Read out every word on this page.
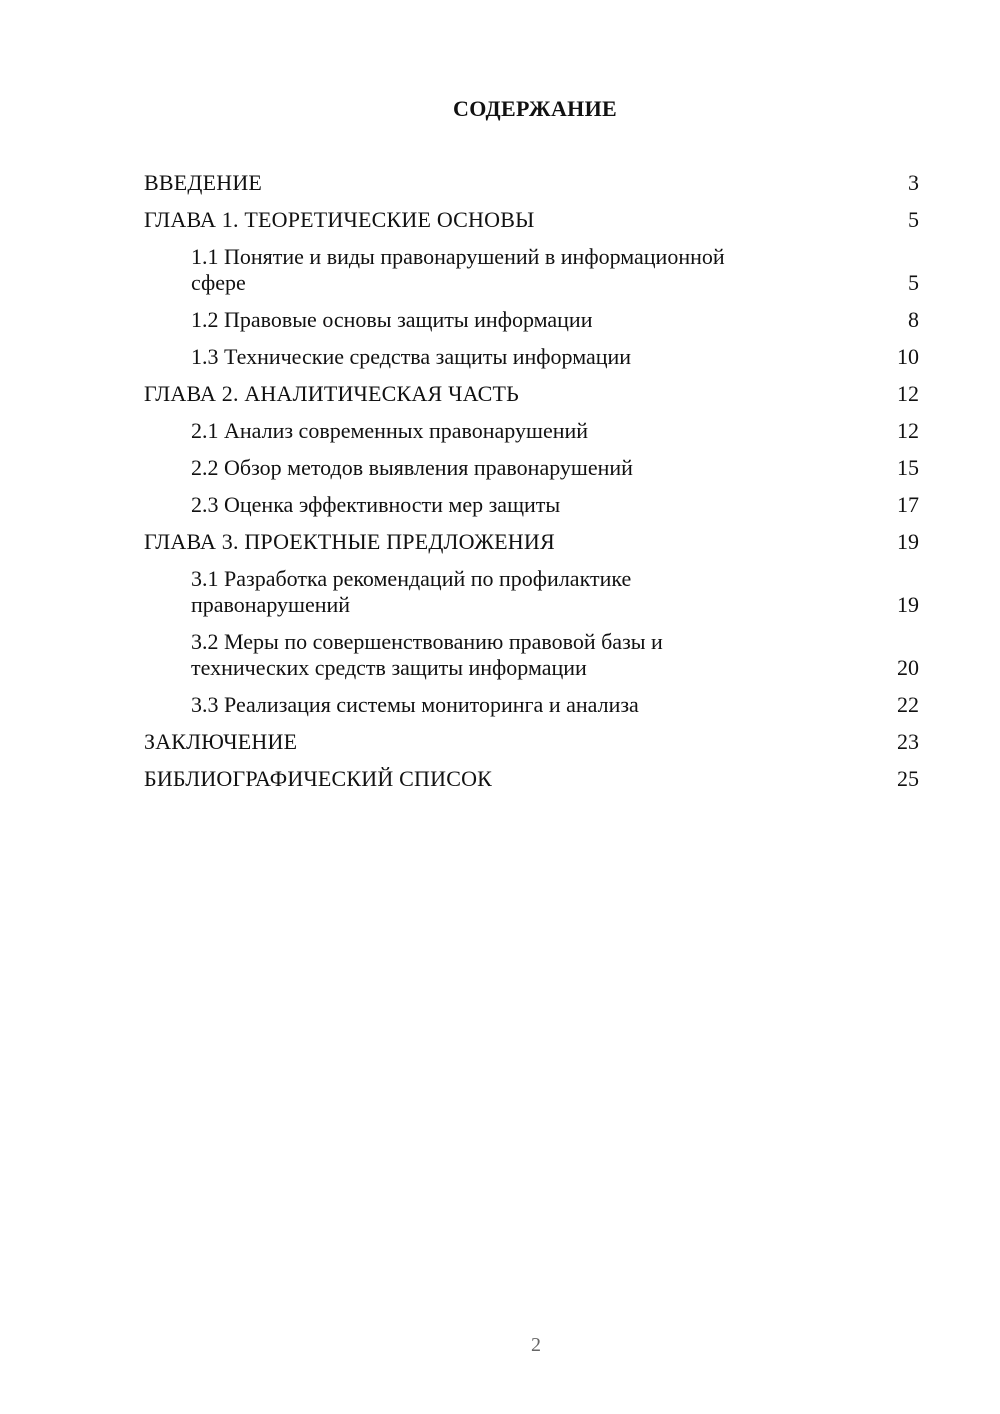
СОДЕРЖАНИЕ
ВВЕДЕНИЕ	3
ГЛАВА 1. ТЕОРЕТИЧЕСКИЕ ОСНОВЫ	5
1.1 Понятие и виды правонарушений в информационной
сфере	5
1.2 Правовые основы защиты информации	8
1.3 Технические средства защиты информации	10
ГЛАВА 2. АНАЛИТИЧЕСКАЯ ЧАСТЬ	12
2.1 Анализ современных правонарушений	12
2.2 Обзор методов выявления правонарушений	15
2.3 Оценка эффективности мер защиты	17
ГЛАВА 3. ПРОЕКТНЫЕ ПРЕДЛОЖЕНИЯ	19
3.1 Разработка рекомендаций по профилактике
правонарушений	19
3.2 Меры по совершенствованию правовой базы и
технических средств защиты информации	20
3.3 Реализация системы мониторинга и анализа	22
ЗАКЛЮЧЕНИЕ	23
БИБЛИОГРАФИЧЕСКИЙ СПИСОК	25
2
